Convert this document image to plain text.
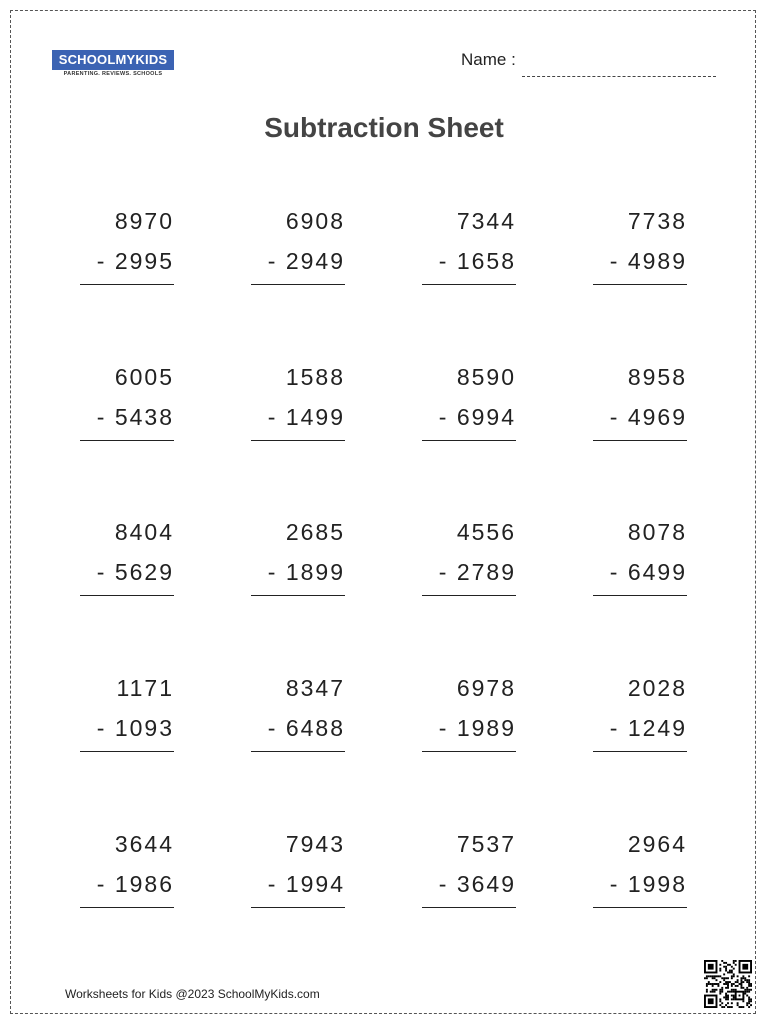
SCHOOLMYKIDS
PARENTING. REVIEWS. SCHOOLS
Name :
Subtraction Sheet
8970
- 2995
6908
- 2949
7344
- 1658
7738
- 4989
6005
- 5438
1588
- 1499
8590
- 6994
8958
- 4969
8404
- 5629
2685
- 1899
4556
- 2789
8078
- 6499
1171
- 1093
8347
- 6488
6978
- 1989
2028
- 1249
3644
- 1986
7943
- 1994
7537
- 3649
2964
- 1998
Worksheets for Kids @2023 SchoolMyKids.com
